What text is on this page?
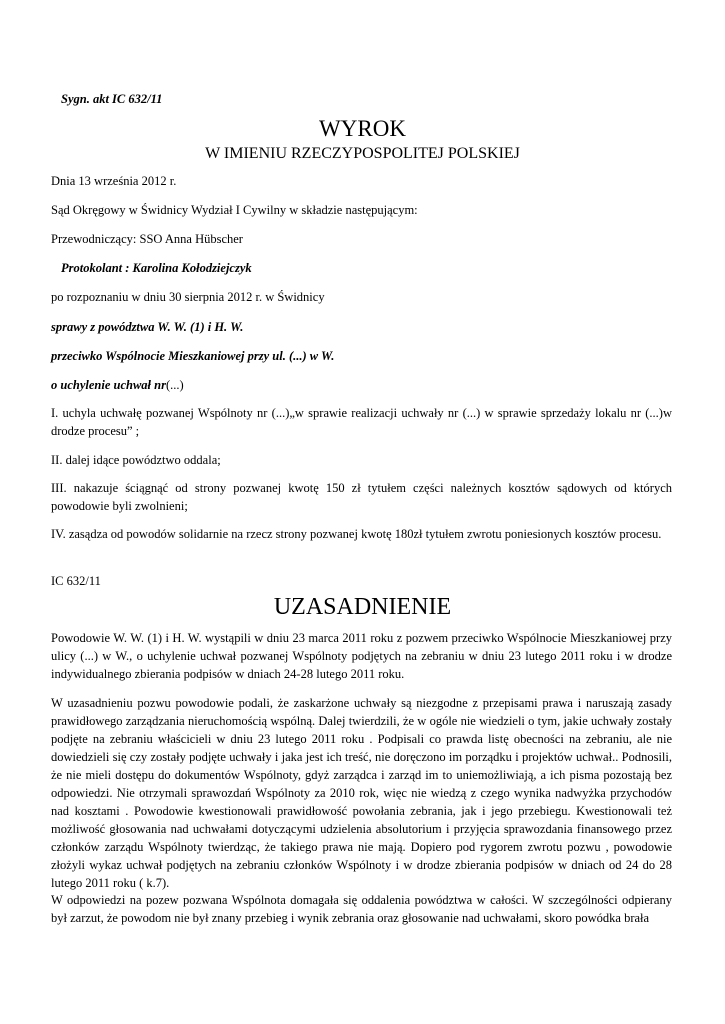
Sygn. akt IC 632/11
WYROK
W IMIENIU RZECZYPOSPOLITEJ POLSKIEJ
Dnia 13 września 2012 r.
Sąd Okręgowy w Świdnicy Wydział I Cywilny w składzie następującym:
Przewodniczący: SSO Anna Hübscher
Protokolant : Karolina Kołodziejczyk
po rozpoznaniu w dniu 30 sierpnia 2012 r. w Świdnicy
sprawy z powództwa W. W. (1) i H. W.
przeciwko Wspólnocie Mieszkaniowej przy ul. (...) w W.
o uchylenie uchwał nr(...)
I. uchyla uchwałę pozwanej Wspólnoty nr (...)„w sprawie realizacji uchwały nr (...) w sprawie sprzedaży lokalu nr (...)w drodze procesu” ;
II. dalej idące powództwo oddala;
III. nakazuje ściągnąć od strony pozwanej kwotę 150 zł tytułem części należnych kosztów sądowych od których powodowie byli zwolnieni;
IV. zasądza od powodów solidarnie na rzecz strony pozwanej kwotę 180zł tytułem zwrotu poniesionych kosztów procesu.
IC 632/11
UZASADNIENIE
Powodowie W. W. (1) i H. W. wystąpili w dniu 23 marca 2011 roku z pozwem przeciwko Wspólnocie Mieszkaniowej przy ulicy (...) w W., o uchylenie uchwał pozwanej Wspólnoty podjętych na zebraniu w dniu 23 lutego 2011 roku i w drodze indywidualnego zbierania podpisów w dniach 24-28 lutego 2011 roku.
W uzasadnieniu pozwu powodowie podali, że zaskarżone uchwały są niezgodne z przepisami prawa i naruszają zasady prawidłowego zarządzania nieruchomością wspólną. Dalej twierdzili, że w ogóle nie wiedzieli o tym, jakie uchwały zostały podjęte na zebraniu właścicieli w dniu 23 lutego 2011 roku . Podpisali co prawda listę obecności na zebraniu, ale nie dowiedzieli się czy zostały podjęte uchwały i jaka jest ich treść, nie doręczono im porządku i projektów uchwał.. Podnosili, że nie mieli dostępu do dokumentów Wspólnoty, gdyż zarządca i zarząd im to uniemożliwiają, a ich pisma pozostają bez odpowiedzi. Nie otrzymali sprawozdań Wspólnoty za 2010 rok, więc nie wiedzą z czego wynika nadwyżka przychodów nad kosztami . Powodowie kwestionowali prawidłowość powołania zebrania, jak i jego przebiegu. Kwestionowali też możliwość głosowania nad uchwałami dotyczącymi udzielenia absolutorium i przyjęcia sprawozdania finansowego przez członków zarządu Wspólnoty twierdząc, że takiego prawa nie mają. Dopiero pod rygorem zwrotu pozwu , powodowie złożyli wykaz uchwał podjętych na zebraniu członków Wspólnoty i w drodze zbierania podpisów w dniach od 24 do 28 lutego 2011 roku ( k.7).
W odpowiedzi na pozew pozwana Wspólnota domagała się oddalenia powództwa w całości. W szczególności odpierany był zarzut, że powodom nie był znany przebieg i wynik zebrania oraz głosowanie nad uchwałami, skoro powódka brała
